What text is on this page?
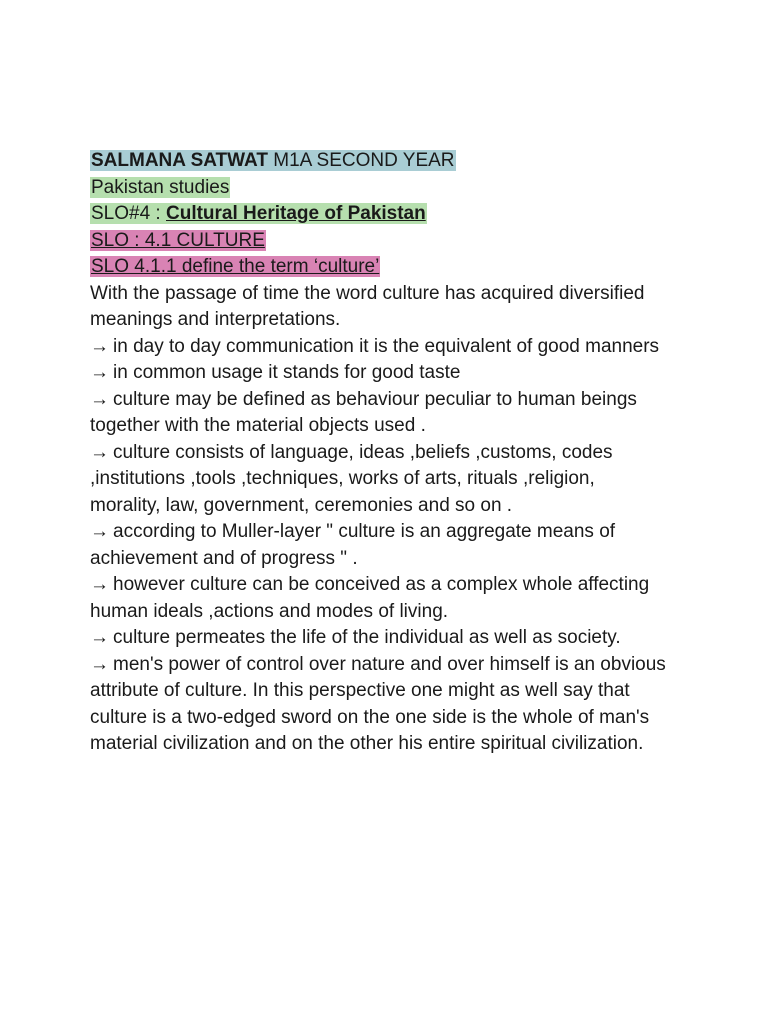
SALMANA SATWAT M1A SECOND YEAR
Pakistan studies
SLO#4 : Cultural Heritage of Pakistan
SLO : 4.1 CULTURE
SLO 4.1.1 define the term ‘culture’

With the passage of time the word culture has acquired diversified meanings and interpretations.

→ in day to day communication it is the equivalent of good manners

→ in common usage it stands for good taste

→ culture may be defined as behaviour peculiar to human beings together with the material objects used .

→ culture consists of language, ideas ,beliefs ,customs, codes ,institutions ,tools ,techniques, works of arts, rituals ,religion, morality, law, government, ceremonies and so on .

→ according to Muller-layer " culture is an aggregate means of achievement and of progress " .

→ however culture can be conceived as a complex whole affecting human ideals ,actions and modes of living.

→ culture permeates the life of the individual as well as society.

→ men's power of control over nature and over himself is an obvious attribute of culture. In this perspective one might as well say that culture is a two-edged sword on the one side is the whole of man's material civilization and on the other his entire spiritual civilization.
